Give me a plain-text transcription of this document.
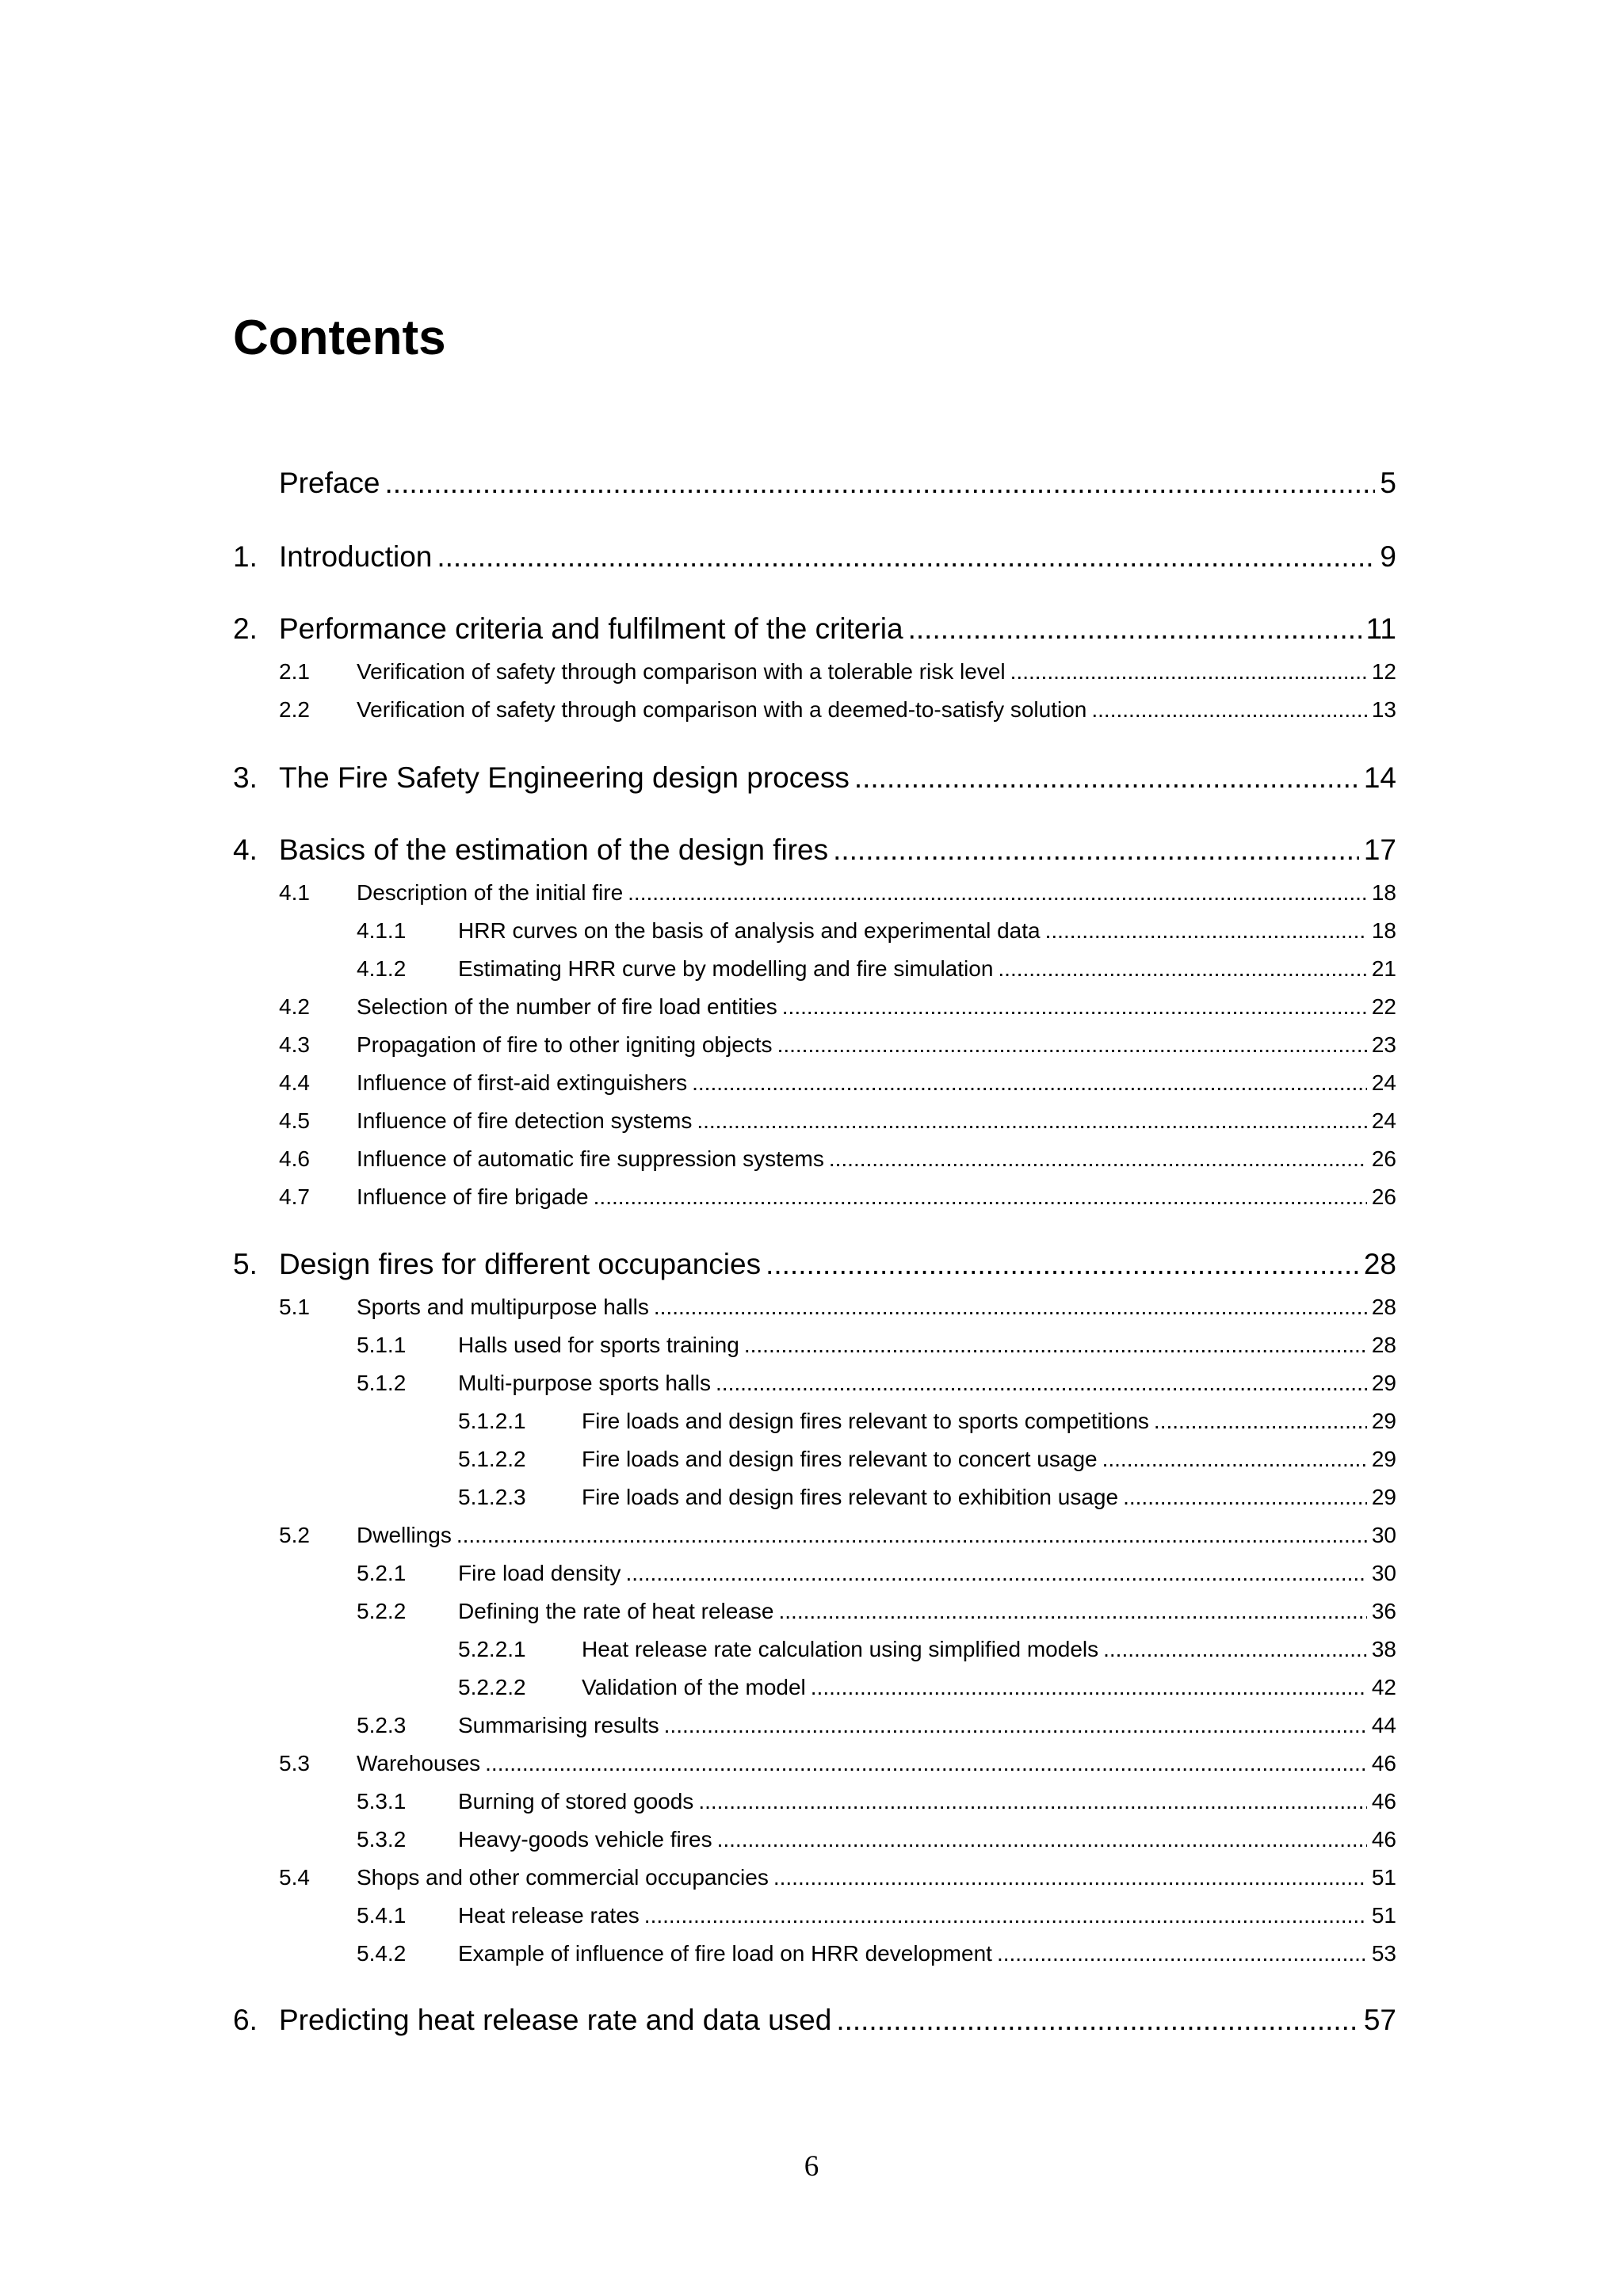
Contents
Preface .....	5
1. Introduction .....	9
2. Performance criteria and fulfilment of the criteria .....	11
2.1	Verification of safety through comparison with a tolerable risk level .....	12
2.2	Verification of safety through comparison with a deemed-to-satisfy solution .....	13
3. The Fire Safety Engineering design process .....	14
4. Basics of the estimation of the design fires .....	17
4.1	Description of the initial fire .....	18
4.1.1	HRR curves on the basis of analysis and experimental data .....	18
4.1.2	Estimating HRR curve by modelling and fire simulation .....	21
4.2	Selection of the number of fire load entities .....	22
4.3	Propagation of fire to other igniting objects .....	23
4.4	Influence of first-aid extinguishers .....	24
4.5	Influence of fire detection systems .....	24
4.6	Influence of automatic fire suppression systems .....	26
4.7	Influence of fire brigade .....	26
5. Design fires for different occupancies .....	28
5.1	Sports and multipurpose halls .....	28
5.1.1	Halls used for sports training .....	28
5.1.2	Multi-purpose sports halls .....	29
5.1.2.1	Fire loads and design fires relevant to sports competitions .....	29
5.1.2.2	Fire loads and design fires relevant to concert usage .....	29
5.1.2.3	Fire loads and design fires relevant to exhibition usage .....	29
5.2	Dwellings .....	30
5.2.1	Fire load density .....	30
5.2.2	Defining the rate of heat release .....	36
5.2.2.1	Heat release rate calculation using simplified models .....	38
5.2.2.2	Validation of the model .....	42
5.2.3	Summarising results .....	44
5.3	Warehouses .....	46
5.3.1	Burning of stored goods .....	46
5.3.2	Heavy-goods vehicle fires .....	46
5.4	Shops and other commercial occupancies .....	51
5.4.1	Heat release rates .....	51
5.4.2	Example of influence of fire load on HRR development .....	53
6. Predicting heat release rate and data used .....	57
6
